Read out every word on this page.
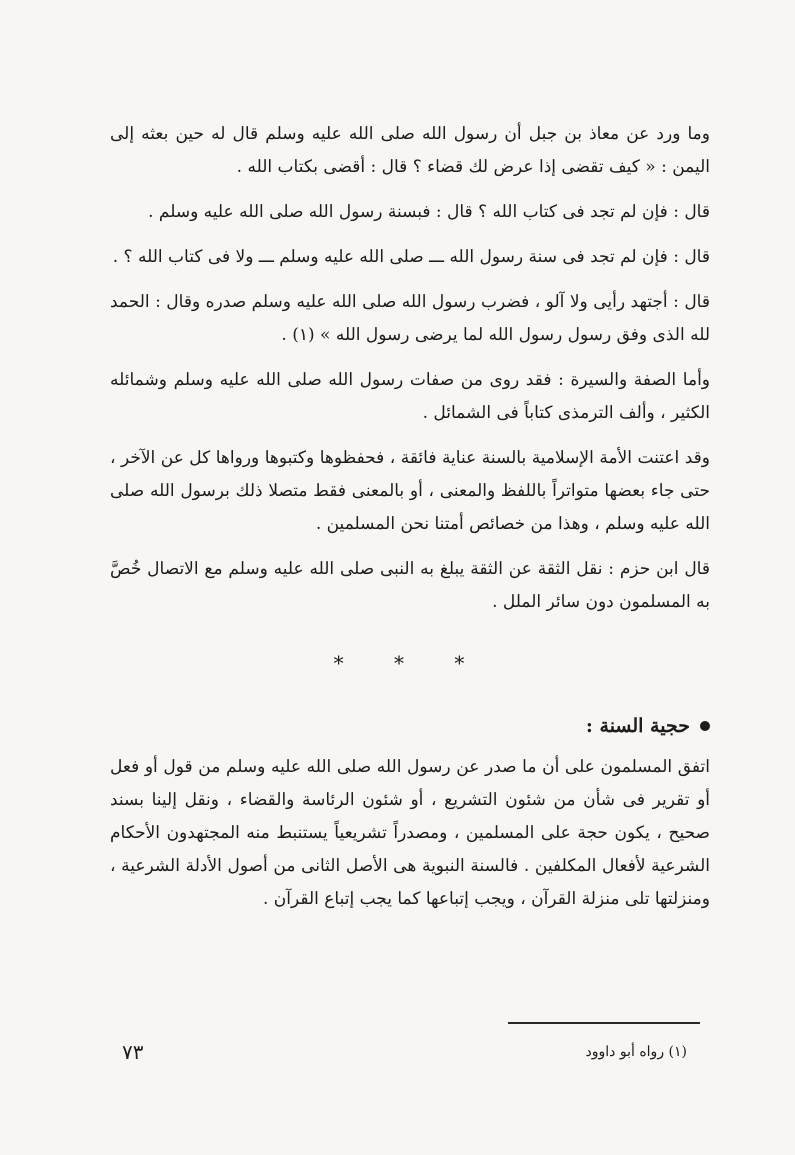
وما ورد عن معاذ بن جبل أن رسول الله صلى الله عليه وسلم قال له حين بعثه إلى اليمن : « كيف تقضى إذا عرض لك قضاء ؟ قال : أقضى بكتاب الله .

قال : فإن لم تجد فى كتاب الله ؟ قال : فبسنة رسول الله صلى الله عليه وسلم .

قال : فإن لم تجد فى سنة رسول الله ـــ صلى الله عليه وسلم ـــ ولا فى كتاب الله ؟ .

قال : أجتهد رأيى ولا آلو ، فضرب رسول الله صلى الله عليه وسلم صدره وقال : الحمد لله الذى وفق رسول رسول الله لما يرضى رسول الله » (١) .

وأما الصفة والسيرة : فقد روى من صفات رسول الله صلى الله عليه وسلم وشمائله الكثير ، وألف الترمذى كتاباً فى الشمائل .

وقد اعتنت الأمة الإسلامية بالسنة عناية فائقة ، فحفظوها وكتبوها ورواها كل عن الآخر ، حتى جاء بعضها متواتراً باللفظ والمعنى ، أو بالمعنى فقط متصلا ذلك برسول الله صلى الله عليه وسلم ، وهذا من خصائص أمتنا نحن المسلمين .

قال ابن حزم : نقل الثقة عن الثقة يبلغ به النبى صلى الله عليه وسلم مع الاتصال خُصَّ به المسلمون دون سائر الملل .

* * *
حجية السنة :

اتفق المسلمون على أن ما صدر عن رسول الله صلى الله عليه وسلم من قول أو فعل أو تقرير فى شأن من شئون التشريع ، أو شئون الرئاسة والقضاء ، ونقل إلينا بسند صحيح ، يكون حجة على المسلمين ، ومصدراً تشريعياً يستنبط منه المجتهدون الأحكام الشرعية لأفعال المكلفين . فالسنة النبوية هى الأصل الثانى من أصول الأدلة الشرعية ، ومنزلتها تلى منزلة القرآن ، ويجب إتباعها كما يجب إتباع القرآن .

(١) رواه أبو داوود
٧٣
